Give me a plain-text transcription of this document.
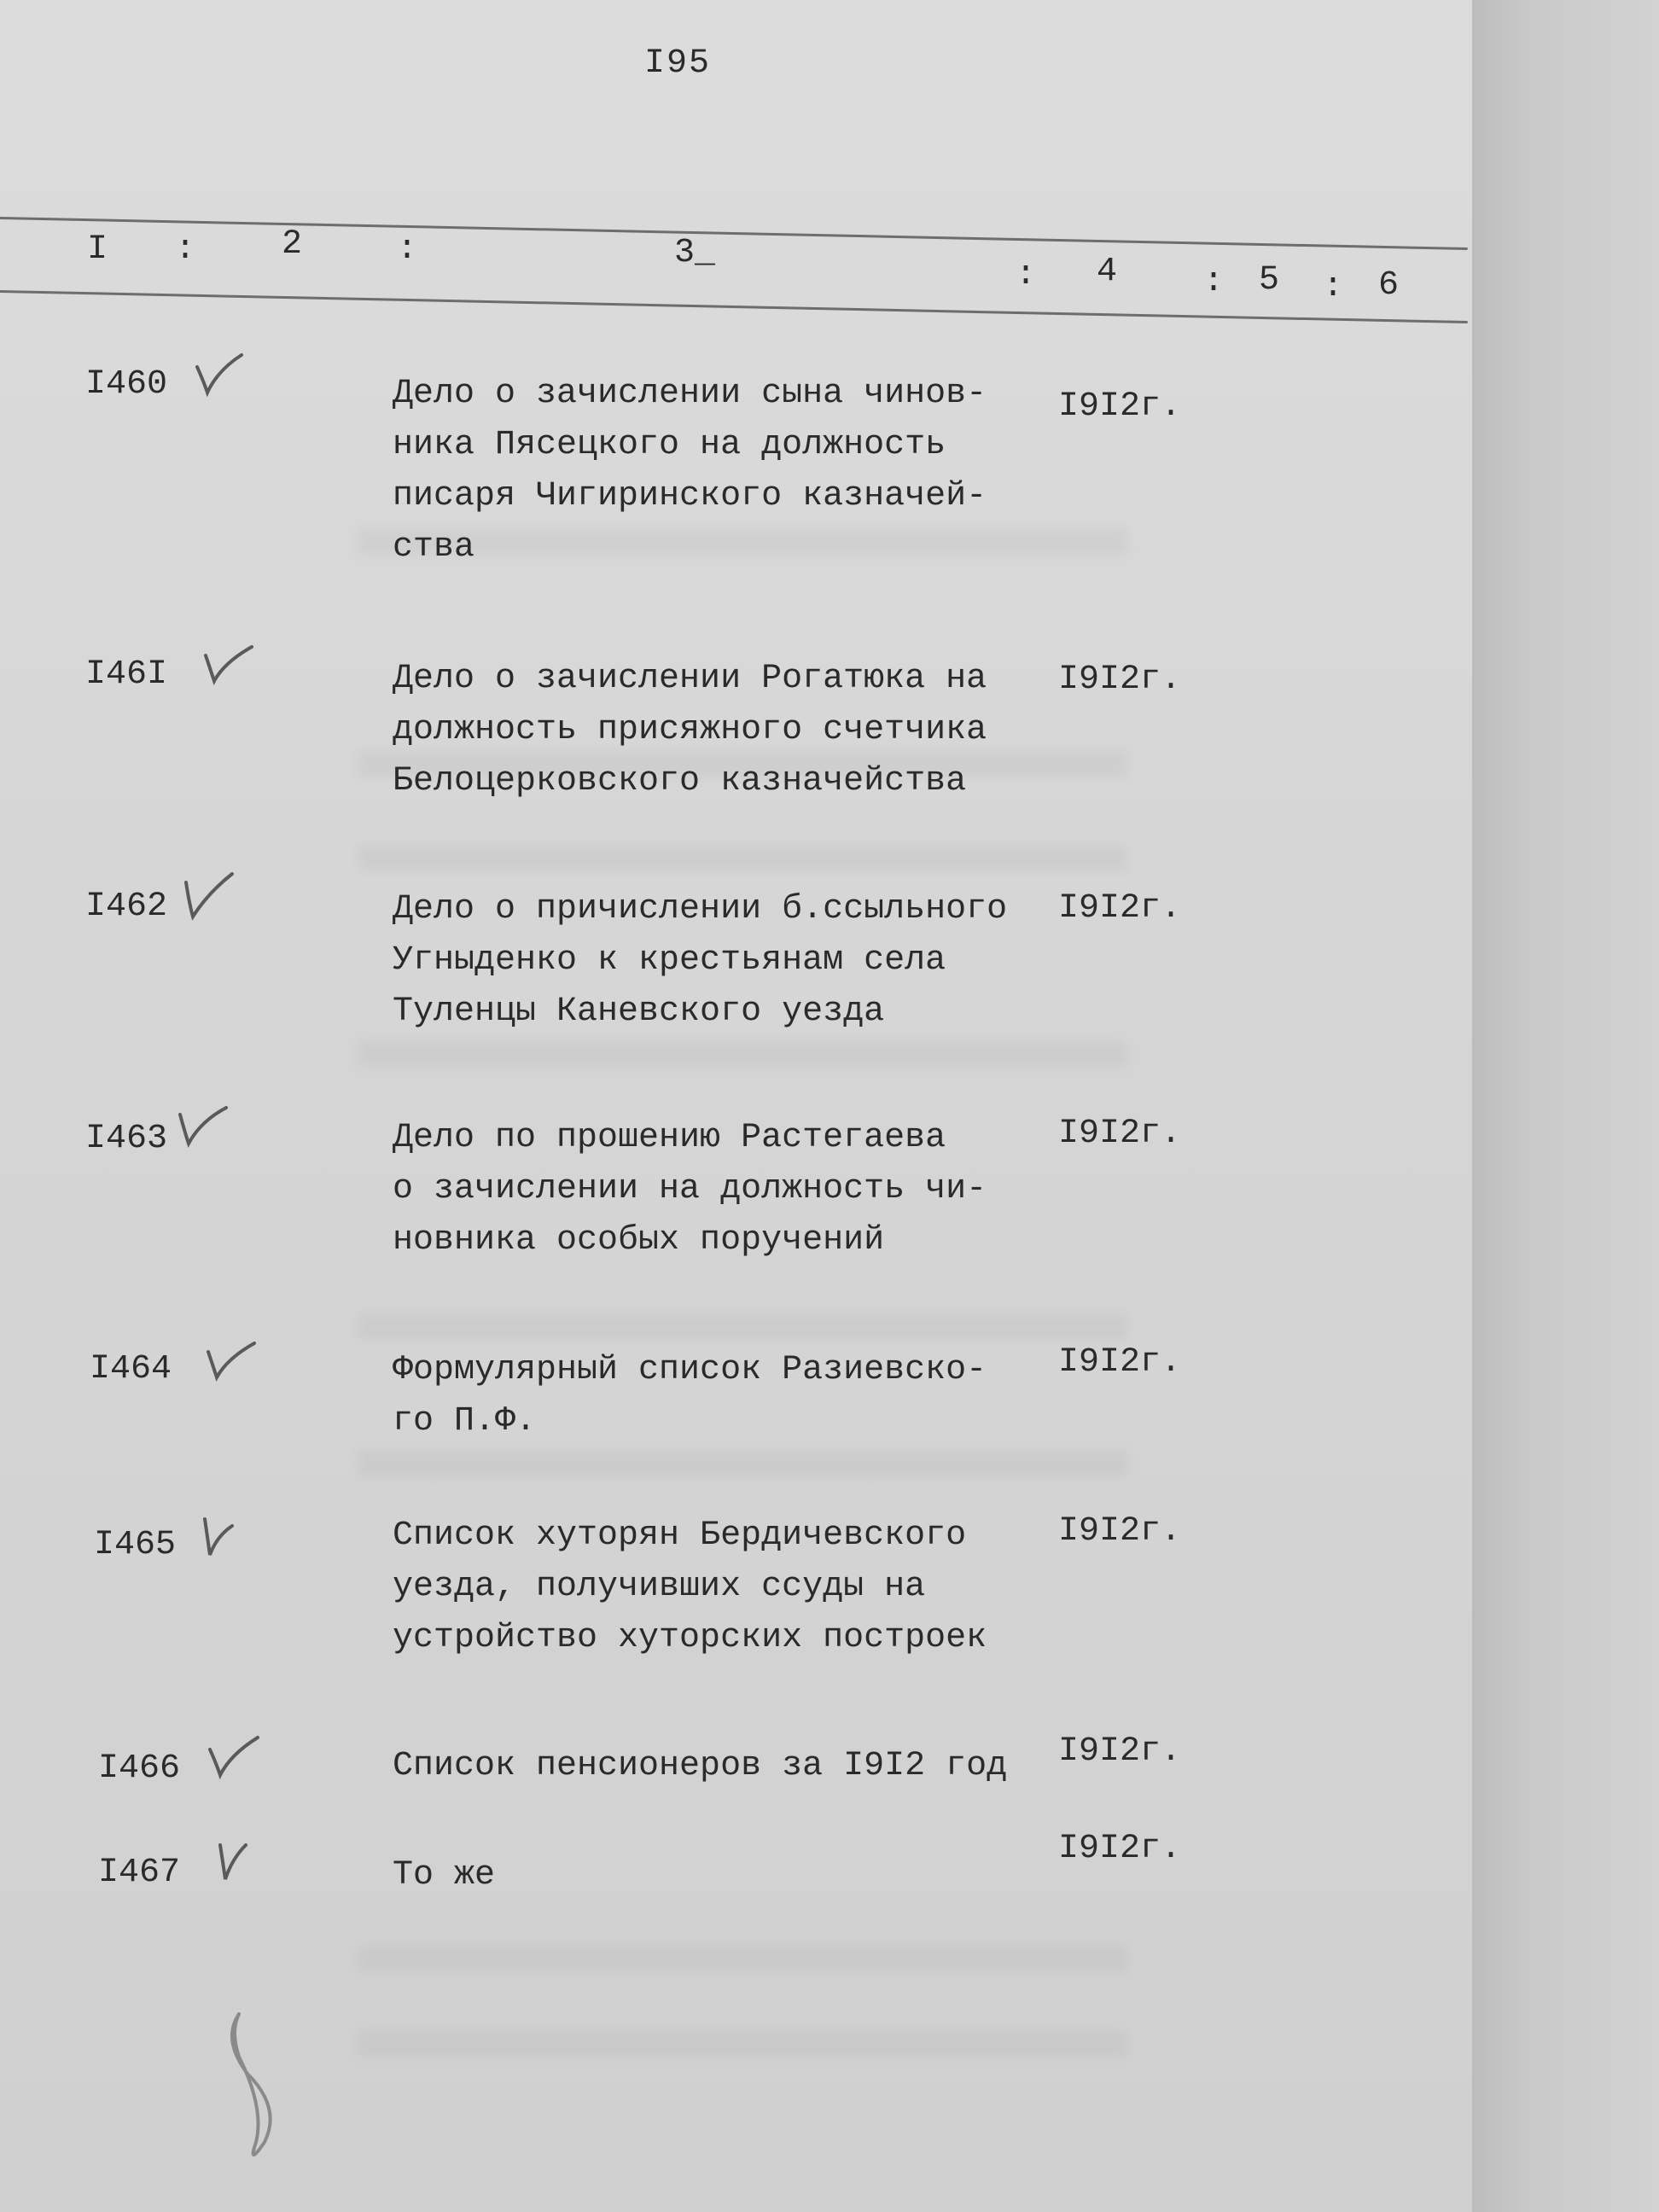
I95
I :	2	:	3_
: 4	: 5 : 6
I460	Дело о зачислении сына чинов-
ника Пясецкого на должность
писаря Чигиринского казначей-
ства
I9I2г.
I46I	Дело о зачислении Рогатюка на
должность присяжного счетчика
Белоцерковского казначейства
I9I2г.
I462	Дело о причислении б.ссыльного
Угныденко к крестьянам села
Туленцы Каневского уезда
I9I2г.
I463	Дело по прошению Растегаева
о зачислении на должность чи-
новника особых поручений
I9I2г.
I464	Формулярный список Разиевско-
го П.Ф.
I9I2г.
I465	Список хуторян Бердичевского
уезда, получивших ссуды на
устройство хуторских построек
I9I2г.
I466	Список пенсионеров за I9I2 год	I9I2г.
I467	То же
I9I2г.
